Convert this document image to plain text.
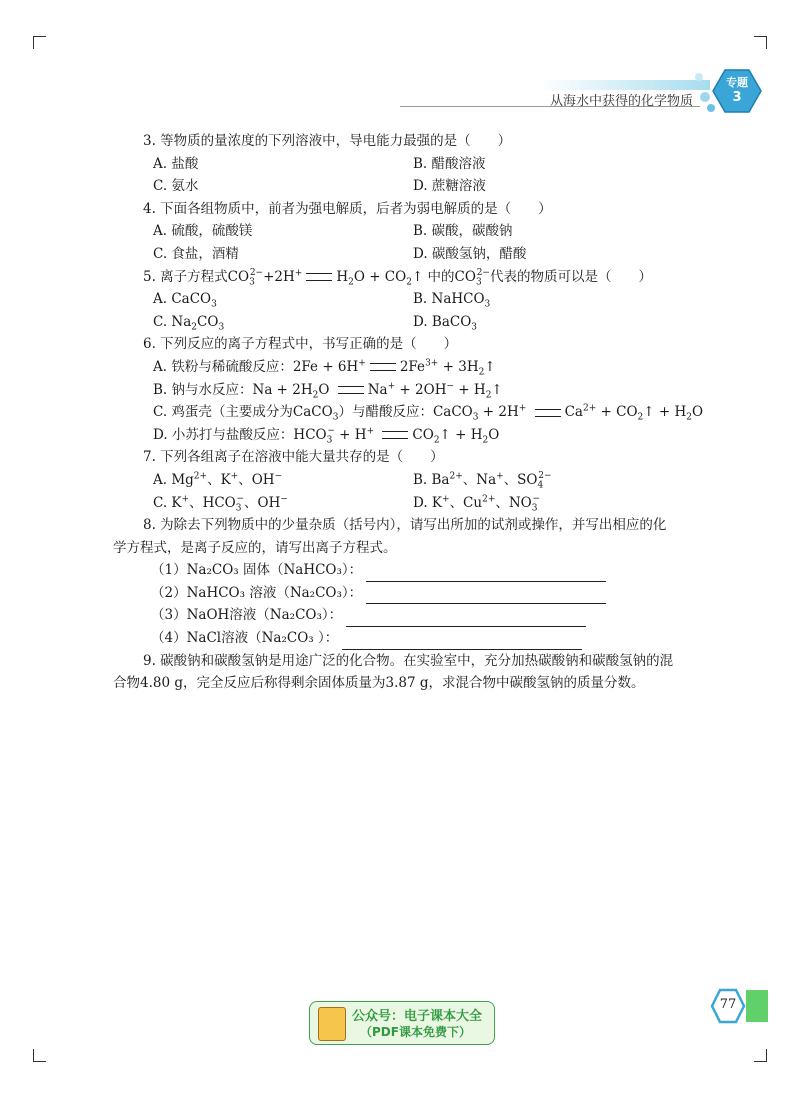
从海水中获得的化学物质
专题
3
3. 等物质的量浓度的下列溶液中，导电能力最强的是（　　）
A. 盐酸	B. 醋酸溶液
C. 氨水	D. 蔗糖溶液
4. 下面各组物质中，前者为强电解质，后者为弱电解质的是（　　）
A. 硫酸，硫酸镁	B. 碳酸，碳酸钠
C. 食盐，酒精	D. 碳酸氢钠，醋酸
5. 离子方程式$CO_3^{2-}+2H^+$	$H_2O$ + $CO_2↑$ 中的$CO_3^{2-}$代表的物质可以是（　　）
A. CaCO$_3$	B. NaHCO$_3$
C. $Na_2CO_3$	D. BaCO$_3$
6. 下列反应的离子方程式中，书写正确的是（　　）
A. 铁粉与稀硫酸反应：2Fe + 6H+	$2Fe^{3+}$ + $3H_2↑$
B. 钠与水反应：$Na + 2H_2O$	$Na^+ + 2OH^- + H_2↑$
C. 鸡蛋壳（主要成分为CaCO$_3$）与醋酸反应：CaCO$_3$ + 2H+	$Ca^{2+}$ + $CO_2↑ + H_2O$
D. 小苏打与盐酸反应：$HCO_3^- + H^+$	$CO_2↑ + H_2O$
7. 下列各组离子在溶液中能大量共存的是（　　）
A. $Mg^{2+}$、K+、OH−	B. $Ba^{2+}$、Na+、$SO_4^{2-}$
C. K+、$HCO_3^-$、OH−	D. K+、$Cu^{2+}$、$NO_3^-$
8. 为除去下列物质中的少量杂质（括号内），请写出所加的试剂或操作，并写出相应的化
学方程式，是离子反应的，请写出离子方程式。
（1）Na₂CO₃ 固体（NaHCO₃）：
（2）NaHCO₃ 溶液（Na₂CO₃）：
（3）NaOH溶液（Na₂CO₃）：
（4）NaCl溶液（Na₂CO₃ ）：
9. 碳酸钠和碳酸氢钠是用途广泛的化合物。在实验室中，充分加热碳酸钠和碳酸氢钠的混
合物4.80 g，完全反应后称得剩余固体质量为3.87 g，求混合物中碳酸氢钠的质量分数。
77
公众号：电子课本大全
（PDF课本免费下）
